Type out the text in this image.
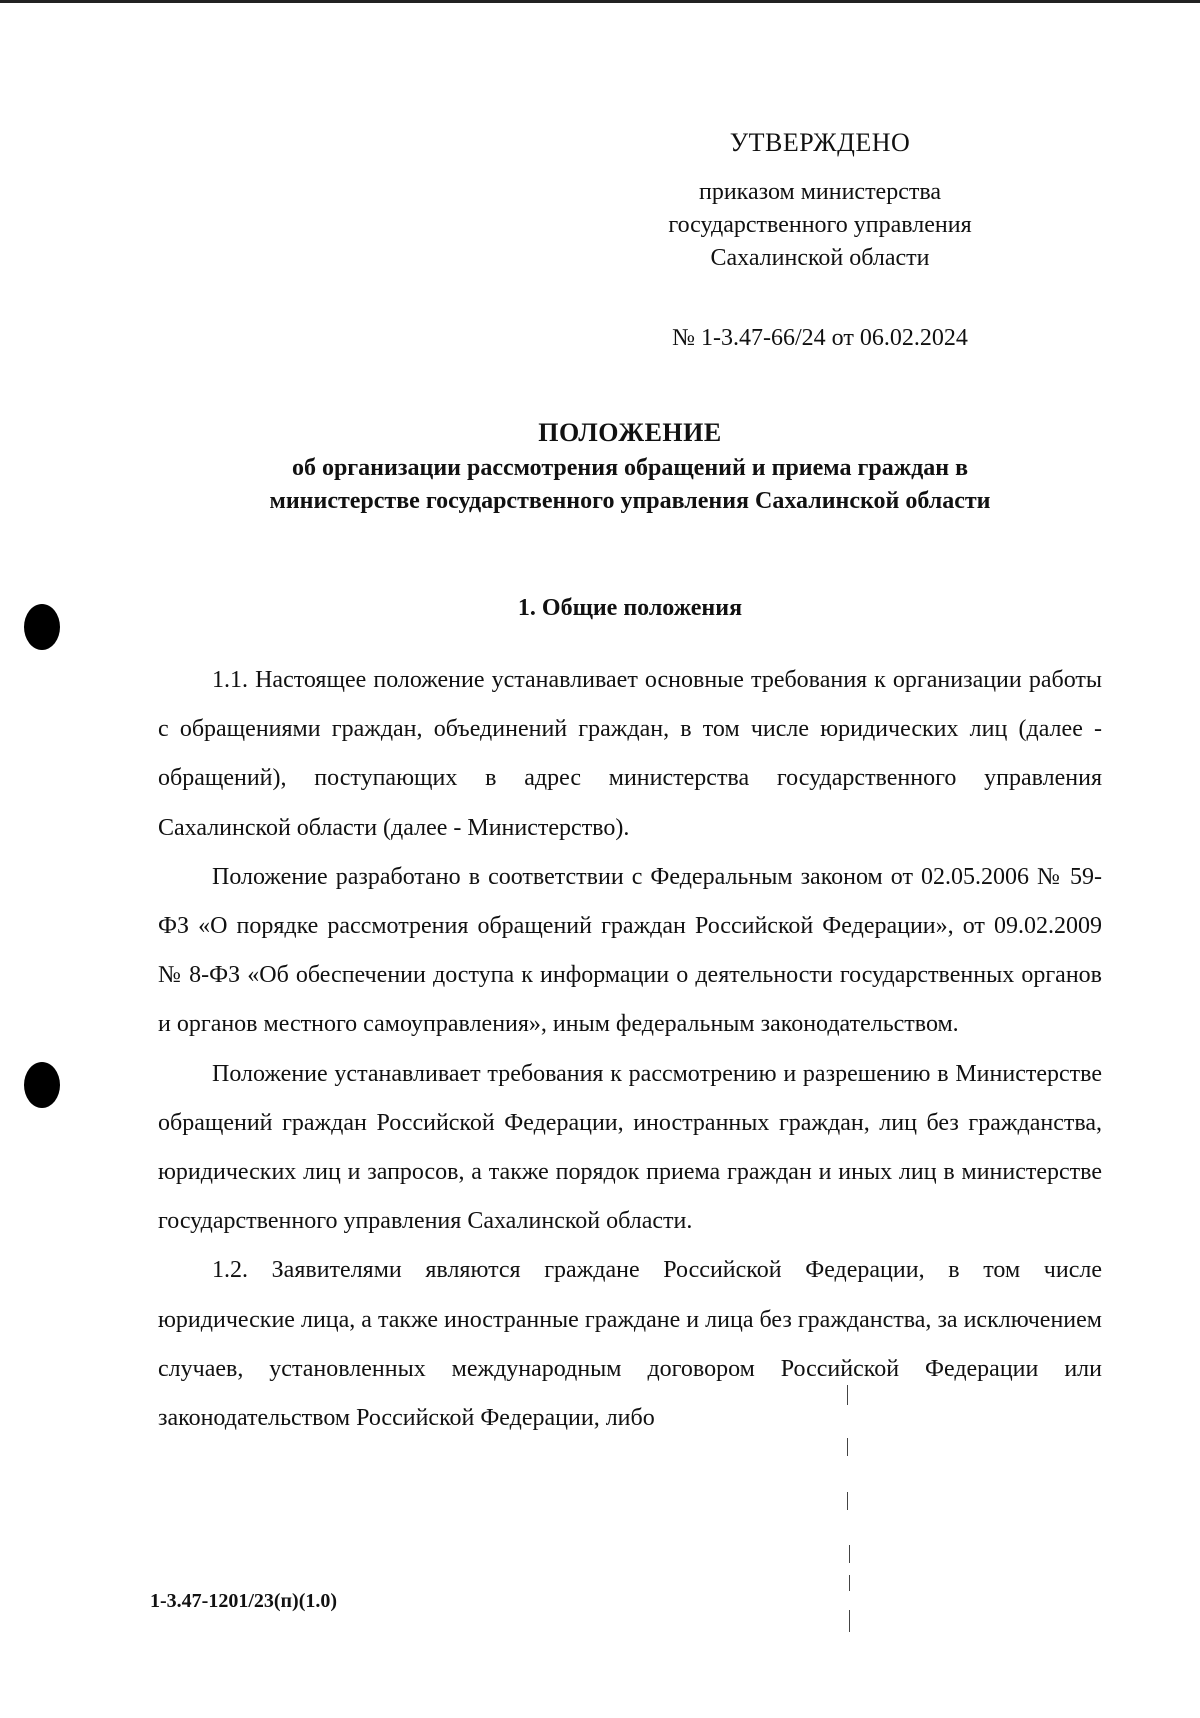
УТВЕРЖДЕНО
приказом министерства
государственного управления
Сахалинской области
№ 1-3.47-66/24 от 06.02.2024
ПОЛОЖЕНИЕ
об организации рассмотрения обращений и приема граждан в
министерстве государственного управления Сахалинской области
1. Общие положения

1.1. Настоящее положение устанавливает основные требования к организации работы с обращениями граждан, объединений граждан, в том числе юридических лиц (далее - обращений), поступающих в адрес министерства государственного управления Сахалинской области (далее - Министерство).

Положение разработано в соответствии с Федеральным законом от 02.05.2006 № 59-ФЗ «О порядке рассмотрения обращений граждан Российской Федерации», от 09.02.2009 № 8-ФЗ «Об обеспечении доступа к информации о деятельности государственных органов и органов местного самоуправления», иным федеральным законодательством.

Положение устанавливает требования к рассмотрению и разрешению в Министерстве обращений граждан Российской Федерации, иностранных граждан, лиц без гражданства, юридических лиц и запросов, а также порядок приема граждан и иных лиц в министерстве государственного управления Сахалинской области.

1.2. Заявителями являются граждане Российской Федерации, в том числе юридические лица, а также иностранные граждане и лица без гражданства, за исключением случаев, установленных международным договором Российской Федерации или законодательством Российской Федерации, либо

1-3.47-1201/23(п)(1.0)
